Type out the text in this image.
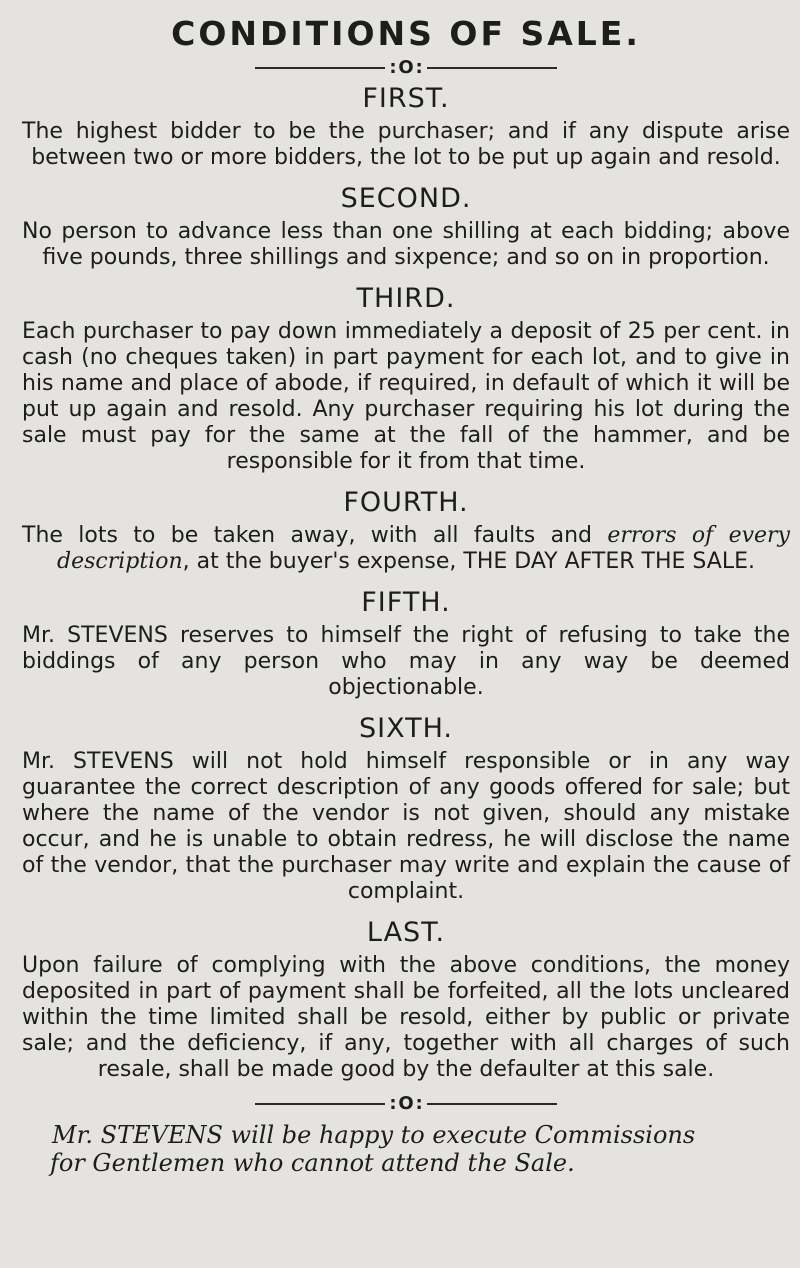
CONDITIONS OF SALE.
: O :
FIRST.

The highest bidder to be the purchaser; and if any dispute arise between two or more bidders, the lot to be put up again and resold.

SECOND.

No person to advance less than one shilling at each bidding; above five pounds, three shillings and sixpence; and so on in proportion.

THIRD.

Each purchaser to pay down immediately a deposit of 25 per cent. in cash (no cheques taken) in part payment for each lot, and to give in his name and place of abode, if required, in default of which it will be put up again and resold. Any purchaser requiring his lot during the sale must pay for the same at the fall of the hammer, and be responsible for it from that time.

FOURTH.

The lots to be taken away, with all faults and errors of every description, at the buyer's expense, THE DAY AFTER THE SALE.

FIFTH.

Mr. STEVENS reserves to himself the right of refusing to take the biddings of any person who may in any way be deemed objectionable.

SIXTH.

Mr. STEVENS will not hold himself responsible or in any way guarantee the correct description of any goods offered for sale; but where the name of the vendor is not given, should any mistake occur, and he is unable to obtain redress, he will disclose the name of the vendor, that the purchaser may write and explain the cause of complaint.

LAST.

Upon failure of complying with the above conditions, the money deposited in part of payment shall be forfeited, all the lots uncleared within the time limited shall be resold, either by public or private sale; and the deficiency, if any, together with all charges of such resale, shall be made good by the defaulter at this sale.

: O :

Mr. STEVENS will be happy to execute Commissions
for Gentlemen who cannot attend the Sale.
